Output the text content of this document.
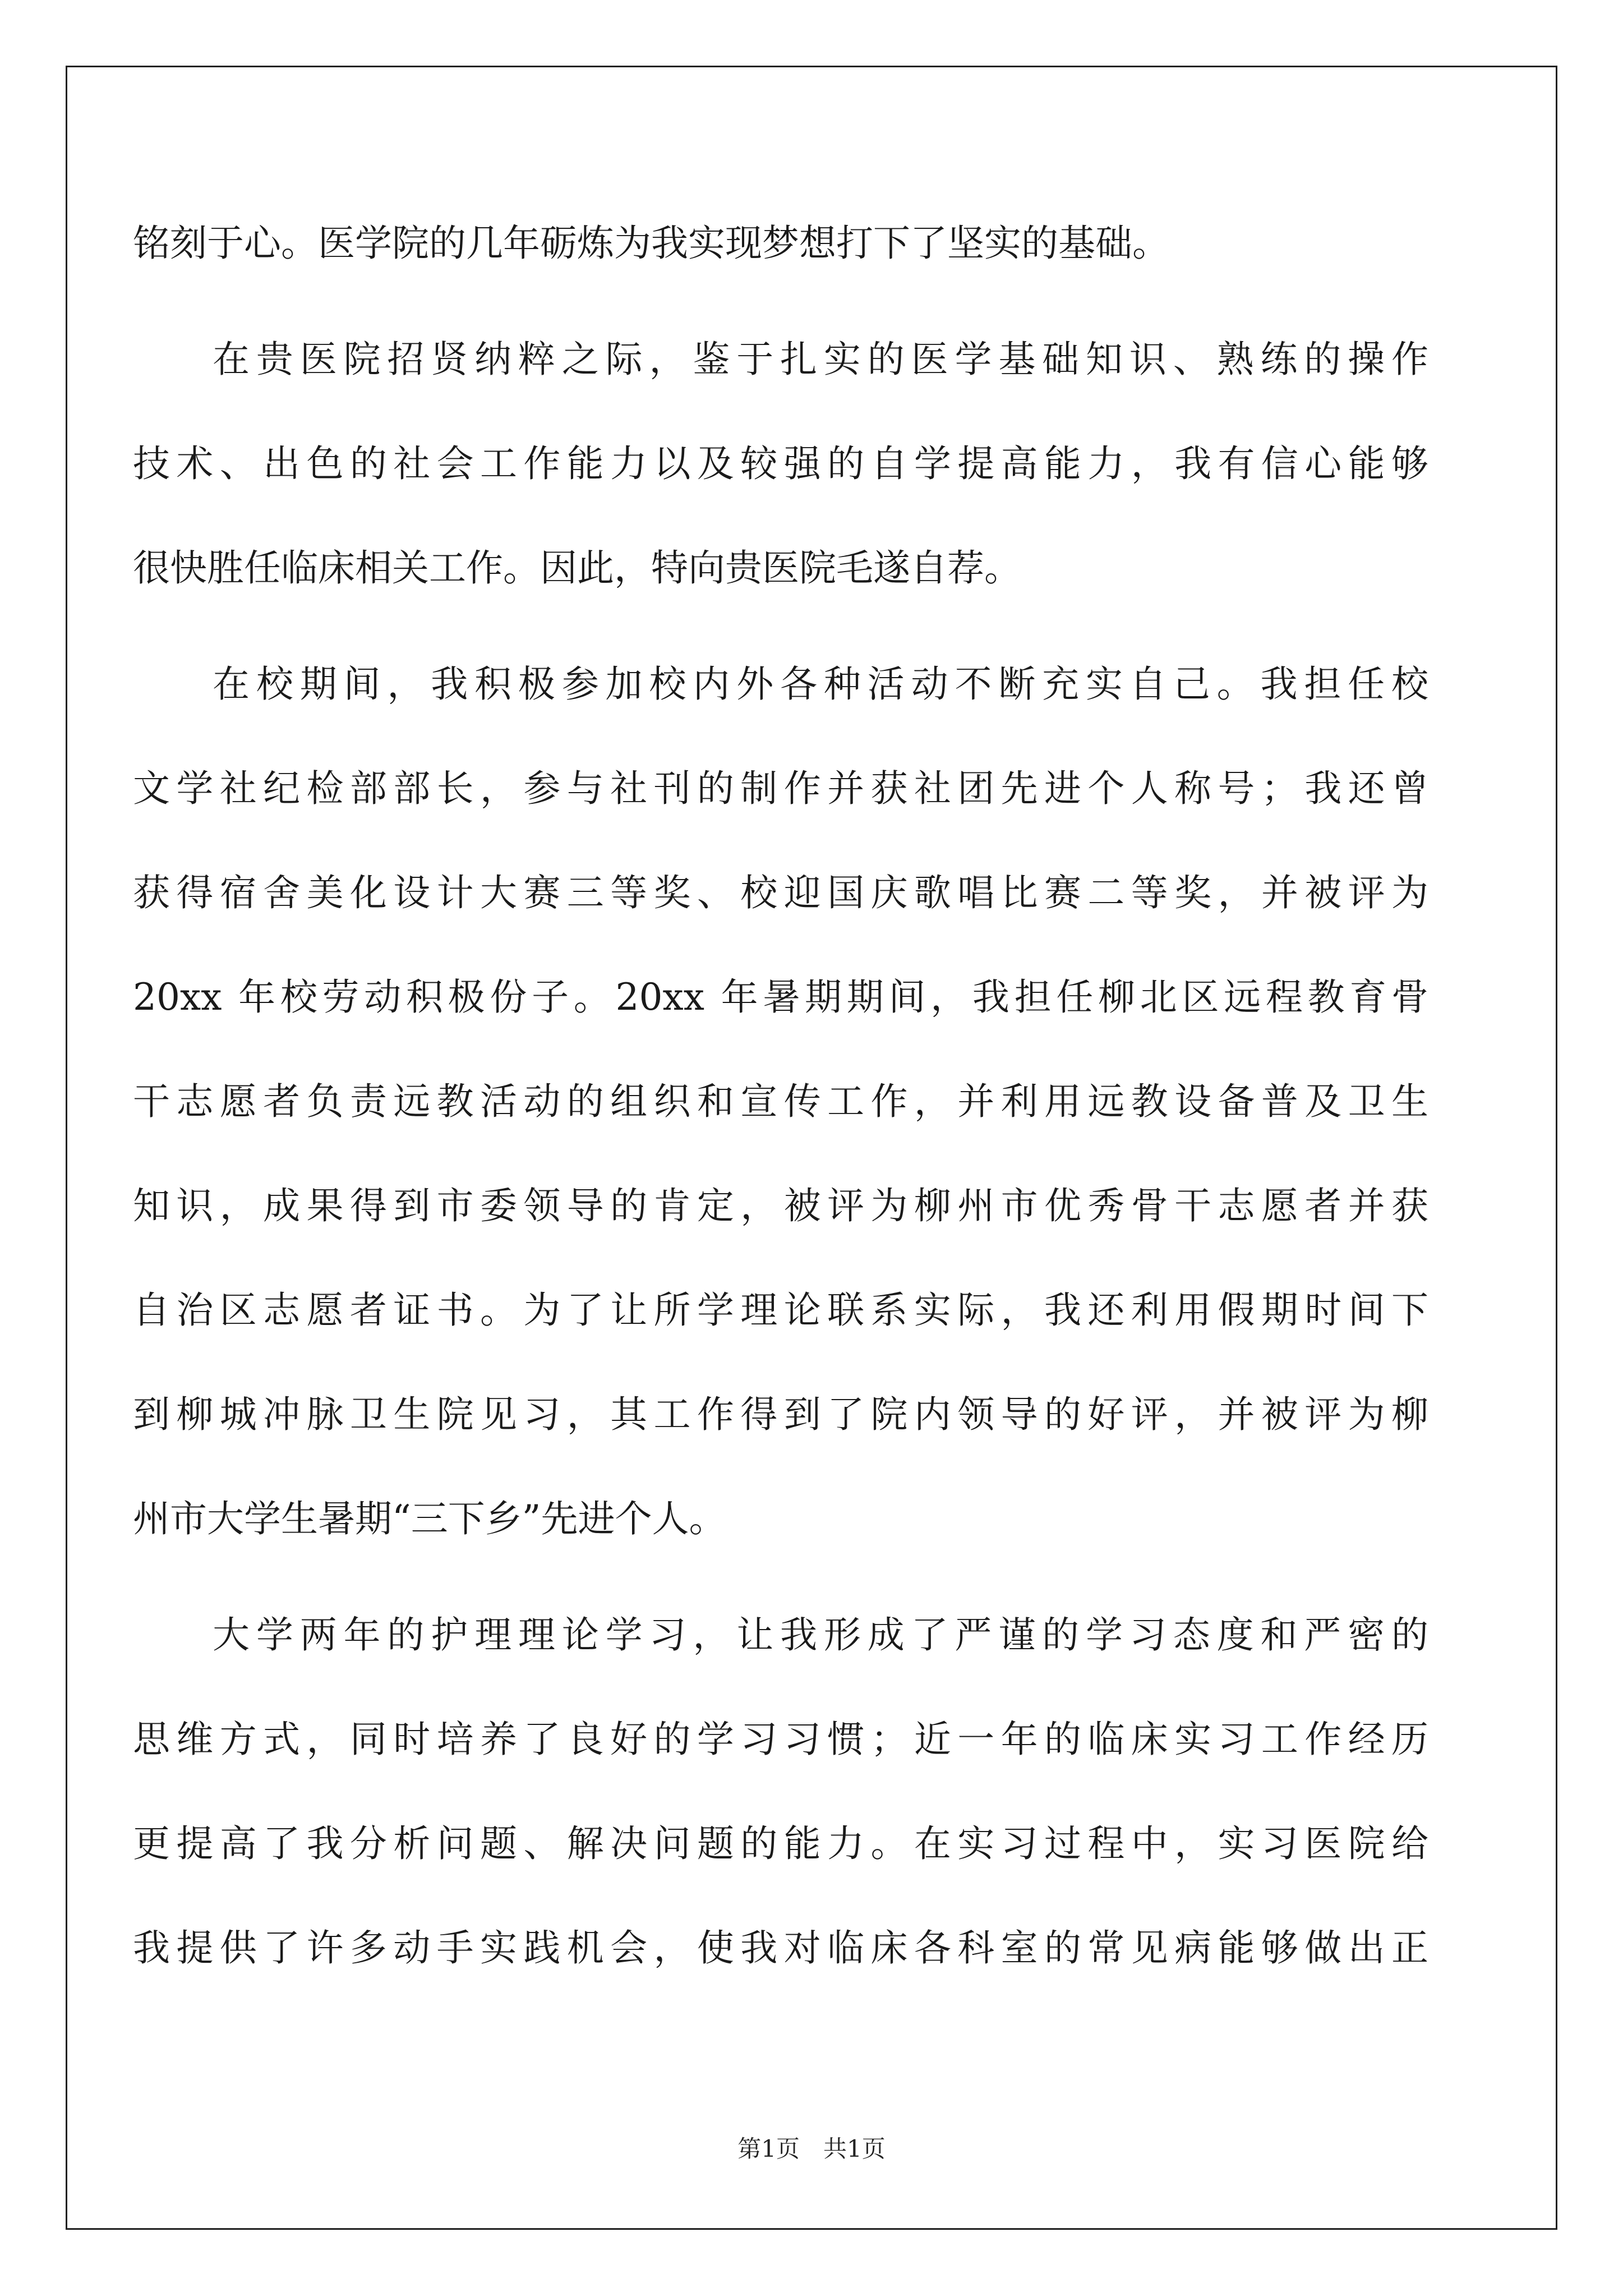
铭刻于心。医学院的几年砺炼为我实现梦想打下了坚实的基础。
在贵医院招贤纳粹之际，鉴于扎实的医学基础知识、熟练的操作
技术、出色的社会工作能力以及较强的自学提高能力，我有信心能够
很快胜任临床相关工作。因此，特向贵医院毛遂自荐。
在校期间，我积极参加校内外各种活动不断充实自己。我担任校
文学社纪检部部长，参与社刊的制作并获社团先进个人称号；我还曾
获得宿舍美化设计大赛三等奖、校迎国庆歌唱比赛二等奖，并被评为
20xx 年校劳动积极份子。20xx 年暑期期间，我担任柳北区远程教育骨
干志愿者负责远教活动的组织和宣传工作，并利用远教设备普及卫生
知识，成果得到市委领导的肯定，被评为柳州市优秀骨干志愿者并获
自治区志愿者证书。为了让所学理论联系实际，我还利用假期时间下
到柳城冲脉卫生院见习，其工作得到了院内领导的好评，并被评为柳
州市大学生暑期“三下乡”先进个人。
大学两年的护理理论学习，让我形成了严谨的学习态度和严密的
思维方式，同时培养了良好的学习习惯；近一年的临床实习工作经历
更提高了我分析问题、解决问题的能力。在实习过程中，实习医院给
我提供了许多动手实践机会，使我对临床各科室的常见病能够做出正
第1页　共1页
